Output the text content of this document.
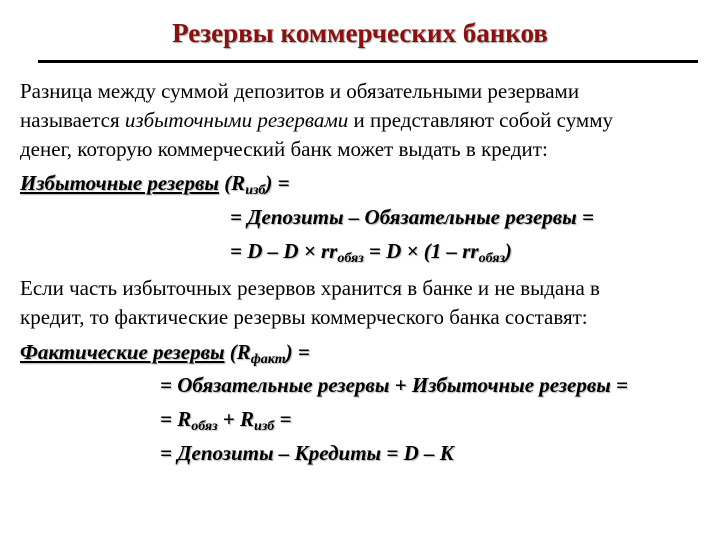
Резервы коммерческих банков
Разница между суммой депозитов и обязательными резервами
называется избыточными резервами и представляют собой сумму
денег, которую коммерческий банк может выдать в кредит:
Избыточные резервы $(R_{изб})$ =
= Депозиты – Обязательные резервы =
= $D - D \times rr_{обяз} = D \times (1 - rr_{обяз})$
Если часть избыточных резервов хранится в банке и не выдана в
кредит, то фактические резервы коммерческого банка составят:
Фактические резервы $(R_{факт})$ =
= Обязательные резервы + Избыточные резервы =
= $R_{обяз} + R_{изб}$ =
= Депозиты – Кредиты = D – K
